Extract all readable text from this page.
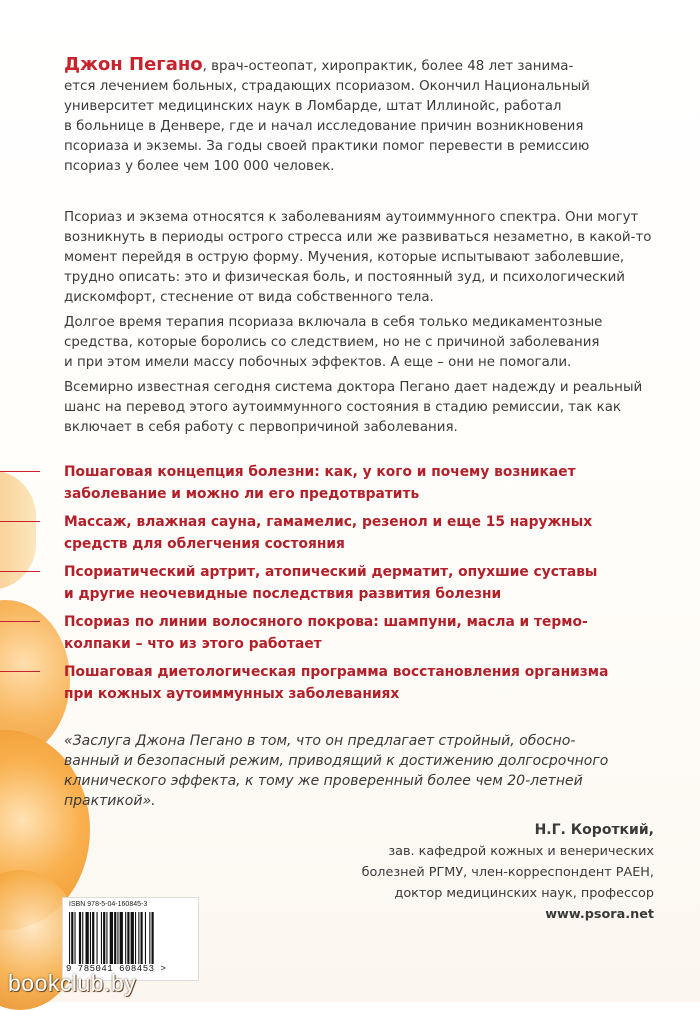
Джон Пегано, врач-остеопат, хиропрактик, более 48 лет занима-
ется лечением больных, страдающих псориазом. Окончил Национальный
университет медицинских наук в Ломбарде, штат Иллинойс, работал
в больнице в Денвере, где и начал исследование причин возникновения
псориаза и экземы. За годы своей практики помог перевести в ремиссию
псориаз у более чем 100 000 человек.
Псориаз и экзема относятся к заболеваниям аутоиммунного спектра. Они могут
возникнуть в периоды острого стресса или же развиваться незаметно, в какой-то
момент перейдя в острую форму. Мучения, которые испытывают заболевшие,
трудно описать: это и физическая боль, и постоянный зуд, и психологический
дискомфорт, стеснение от вида собственного тела.
Долгое время терапия псориаза включала в себя только медикаментозные
средства, которые боролись со следствием, но не с причиной заболевания
и при этом имели массу побочных эффектов. А еще – они не помогали.
Всемирно известная сегодня система доктора Пегано дает надежду и реальный
шанс на перевод этого аутоиммунного состояния в стадию ремиссии, так как
включает в себя работу с первопричиной заболевания.
Пошаговая концепция болезни: как, у кого и почему возникает
заболевание и можно ли его предотвратить
Массаж, влажная сауна, гамамелис, резенол и еще 15 наружных
средств для облегчения состояния
Псориатический артрит, атопический дерматит, опухшие суставы
и другие неочевидные последствия развития болезни
Псориаз по линии волосяного покрова: шампуни, масла и термо-
колпаки – что из этого работает
Пошаговая диетологическая программа восстановления организма
при кожных аутоиммунных заболеваниях
«Заслуга Джона Пегано в том, что он предлагает стройный, обосно-
ванный и безопасный режим, приводящий к достижению долгосрочного
клинического эффекта, к тому же проверенный более чем 20-летней
практикой».
Н.Г. Короткий,
зав. кафедрой кожных и венерических
болезней РГМУ, член-корреспондент РАЕН,
доктор медицинских наук, профессор
www.psora.net
ISBN 978-5-04-160845-3
9 785041 608453 >
bookclub.by
